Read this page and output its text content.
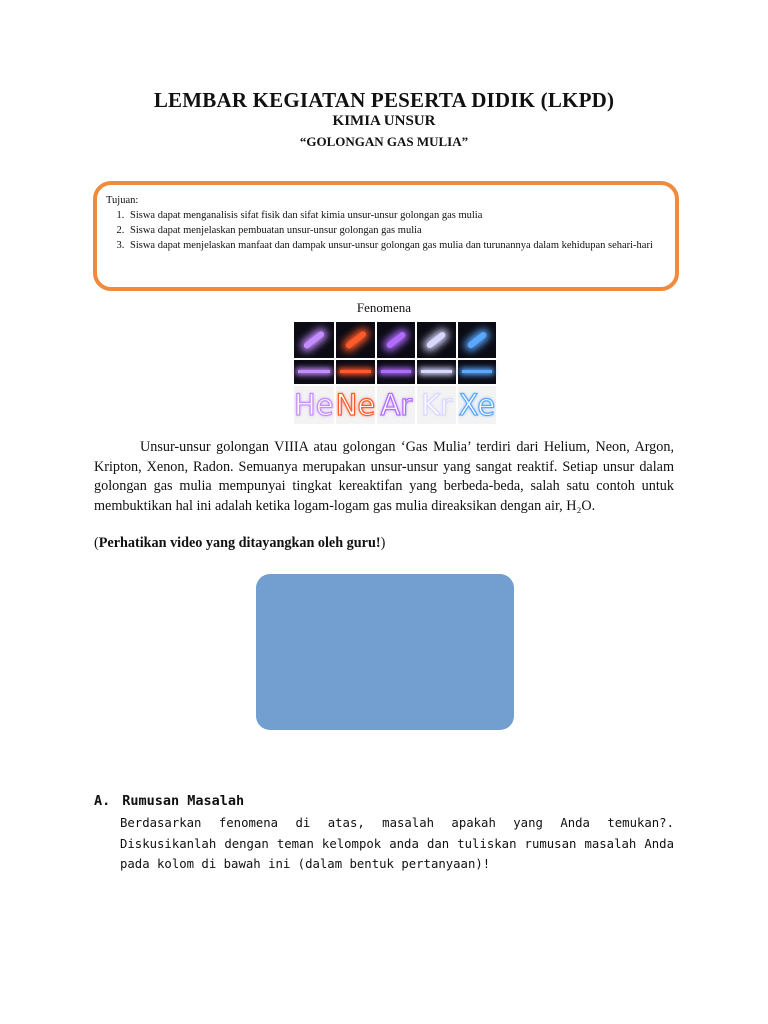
LEMBAR KEGIATAN PESERTA DIDIK (LKPD)
KIMIA UNSUR
“GOLONGAN GAS MULIA”
Tujuan:
1. Siswa dapat menganalisis sifat fisik dan sifat kimia unsur-unsur golongan gas mulia
2. Siswa dapat menjelaskan pembuatan unsur-unsur golongan gas mulia
3. Siswa dapat menjelaskan manfaat dan dampak unsur-unsur golongan gas mulia dan turunannya dalam kehidupan sehari-hari
Fenomena
He Ne Ar Kr Xe
Unsur-unsur golongan VIIIA atau golongan ‘Gas Mulia’ terdiri dari Helium, Neon, Argon, Kripton, Xenon, Radon. Semuanya merupakan unsur-unsur yang sangat reaktif. Setiap unsur dalam golongan gas mulia mempunyai tingkat kereaktifan yang berbeda-beda, salah satu contoh untuk membuktikan hal ini adalah ketika logam-logam gas mulia direaksikan dengan air, H₂O.
(Perhatikan video yang ditayangkan oleh guru!)
A. Rumusan Masalah
Berdasarkan fenomena di atas, masalah apakah yang Anda temukan?. Diskusikanlah dengan teman kelompok anda dan tuliskan rumusan masalah Anda pada kolom di bawah ini (dalam bentuk pertanyaan)!
